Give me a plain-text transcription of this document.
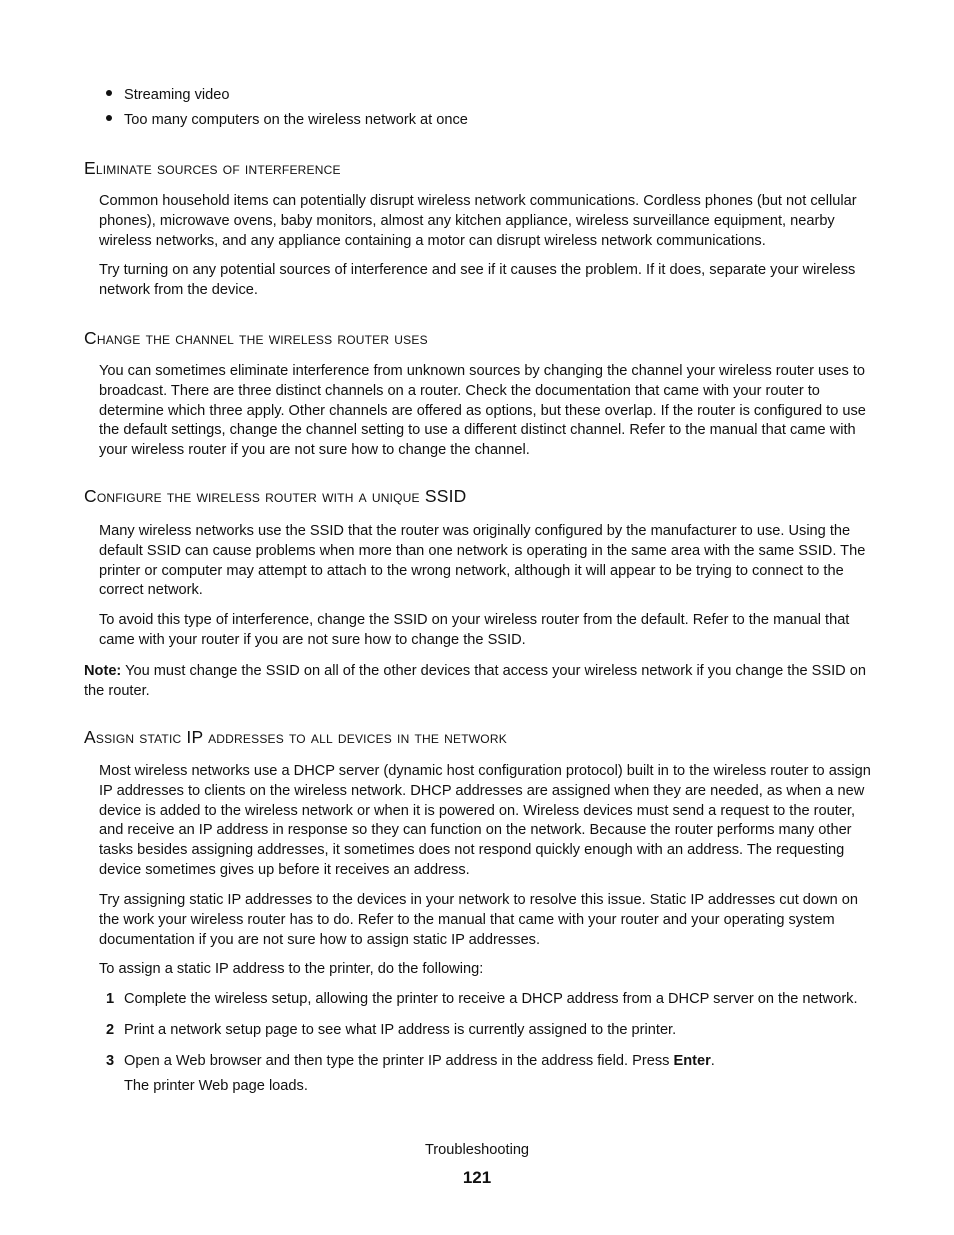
Streaming video
Too many computers on the wireless network at once
Eliminate sources of interference

Common household items can potentially disrupt wireless network communications. Cordless phones (but not cellular phones), microwave ovens, baby monitors, almost any kitchen appliance, wireless surveillance equipment, nearby wireless networks, and any appliance containing a motor can disrupt wireless network communications.

Try turning on any potential sources of interference and see if it causes the problem. If it does, separate your wireless network from the device.

Change the channel the wireless router uses

You can sometimes eliminate interference from unknown sources by changing the channel your wireless router uses to broadcast. There are three distinct channels on a router. Check the documentation that came with your router to determine which three apply. Other channels are offered as options, but these overlap. If the router is configured to use the default settings, change the channel setting to use a different distinct channel. Refer to the manual that came with your wireless router if you are not sure how to change the channel.

Configure the wireless router with a unique SSID

Many wireless networks use the SSID that the router was originally configured by the manufacturer to use. Using the default SSID can cause problems when more than one network is operating in the same area with the same SSID. The printer or computer may attempt to attach to the wrong network, although it will appear to be trying to connect to the correct network.

To avoid this type of interference, change the SSID on your wireless router from the default. Refer to the manual that came with your router if you are not sure how to change the SSID.

Note: You must change the SSID on all of the other devices that access your wireless network if you change the SSID on the router.

Assign static IP addresses to all devices in the network

Most wireless networks use a DHCP server (dynamic host configuration protocol) built in to the wireless router to assign IP addresses to clients on the wireless network. DHCP addresses are assigned when they are needed, as when a new device is added to the wireless network or when it is powered on. Wireless devices must send a request to the router, and receive an IP address in response so they can function on the network. Because the router performs many other tasks besides assigning addresses, it sometimes does not respond quickly enough with an address. The requesting device sometimes gives up before it receives an address.

Try assigning static IP addresses to the devices in your network to resolve this issue. Static IP addresses cut down on the work your wireless router has to do. Refer to the manual that came with your router and your operating system documentation if you are not sure how to assign static IP addresses.

To assign a static IP address to the printer, do the following:

1 Complete the wireless setup, allowing the printer to receive a DHCP address from a DHCP server on the network.
2 Print a network setup page to see what IP address is currently assigned to the printer.
3 Open a Web browser and then type the printer IP address in the address field. Press Enter.
The printer Web page loads.
Troubleshooting
121
